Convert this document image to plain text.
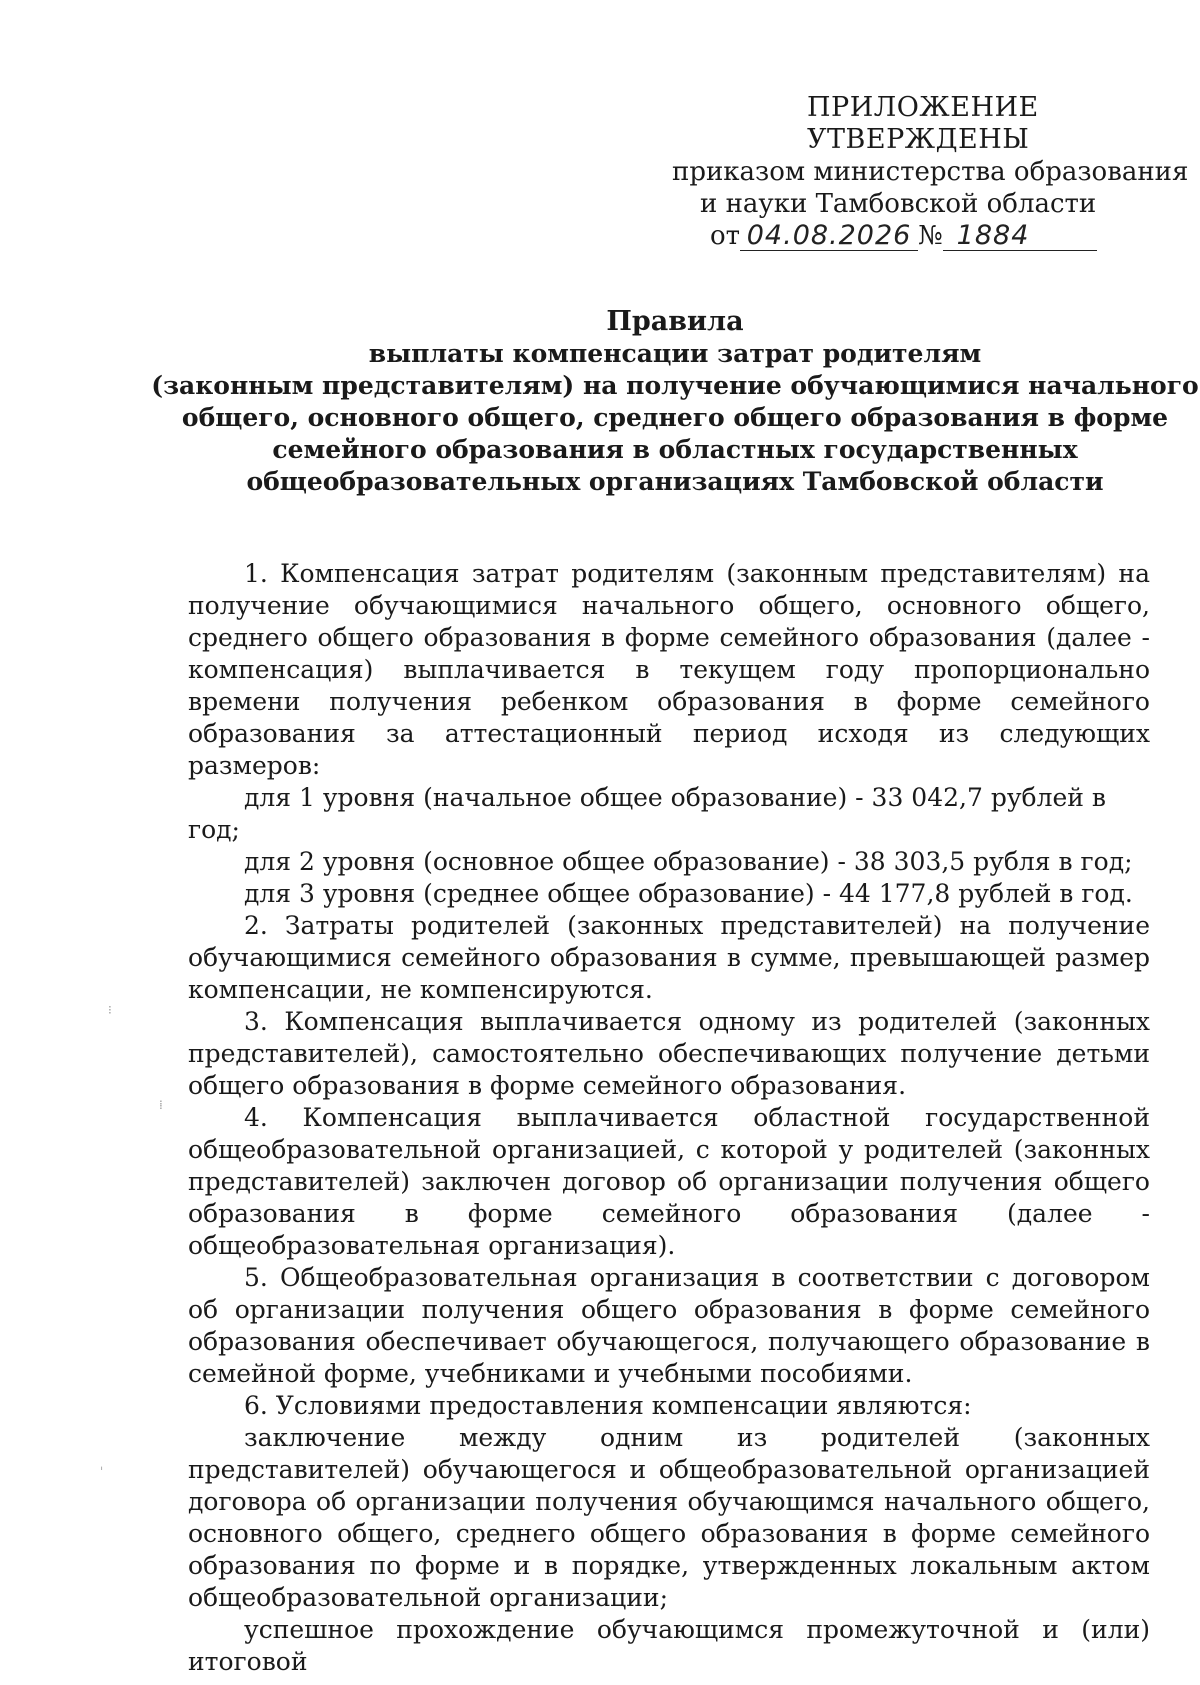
ПРИЛОЖЕНИЕ
УТВЕРЖДЕНЫ
приказом министерства образования
и науки Тамбовской области
от 04.08.2026 № 1884
Правила
выплаты компенсации затрат родителям
(законным представителям) на получение обучающимися начального
общего, основного общего, среднего общего образования в форме
семейного образования в областных государственных
общеобразовательных организациях Тамбовской области

1. Компенсация затрат родителям (законным представителям) на получение обучающимися начального общего, основного общего, среднего общего образования в форме семейного образования (далее - компенсация) выплачивается в текущем году пропорционально времени получения ребенком образования в форме семейного образования за аттестационный период исходя из следующих размеров:

для 1 уровня (начальное общее образование) - 33 042,7 рублей в год;

для 2 уровня (основное общее образование) - 38 303,5 рубля в год;

для 3 уровня (среднее общее образование) - 44 177,8 рублей в год.

2. Затраты родителей (законных представителей) на получение обучающимися семейного образования в сумме, превышающей размер компенсации, не компенсируются.

3. Компенсация выплачивается одному из родителей (законных представителей), самостоятельно обеспечивающих получение детьми общего образования в форме семейного образования.

4. Компенсация выплачивается областной государственной общеобразовательной организацией, с которой у родителей (законных представителей) заключен договор об организации получения общего образования в форме семейного образования (далее - общеобразовательная организация).

5. Общеобразовательная организация в соответствии с договором об организации получения общего образования в форме семейного образования обеспечивает обучающегося, получающего образование в семейной форме, учебниками и учебными пособиями.

6. Условиями предоставления компенсации являются:

заключение между одним из родителей (законных представителей) обучающегося и общеобразовательной организацией договора об организации получения обучающимся начального общего, основного общего, среднего общего образования в форме семейного образования по форме и в порядке, утвержденных локальным актом общеобразовательной организации;

успешное прохождение обучающимся промежуточной и (или) итоговой

⁝
⁞
ˌ
